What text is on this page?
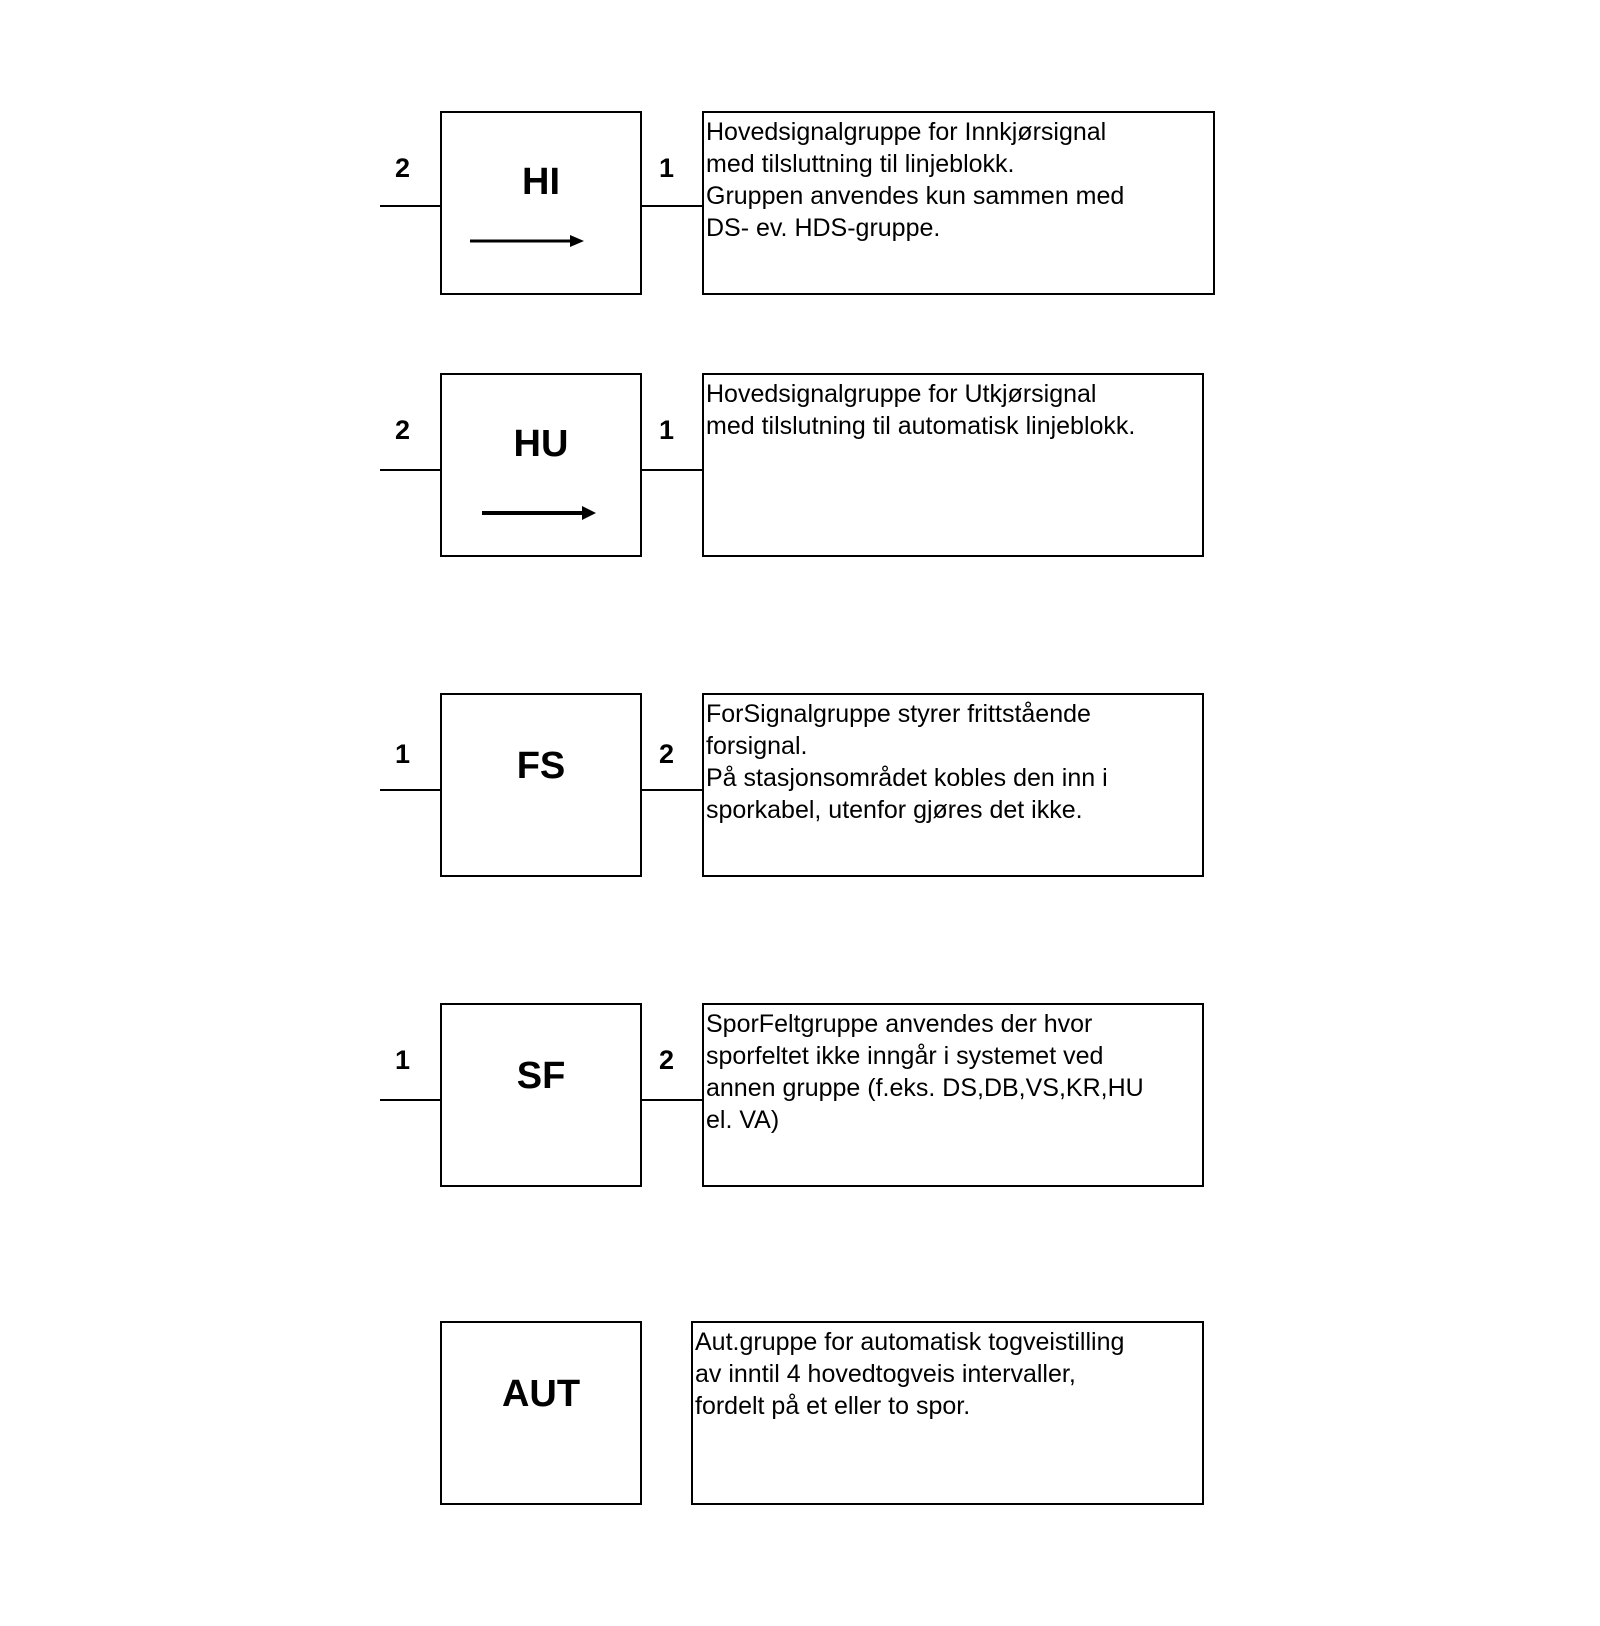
2	HI	1
Hovedsignalgruppe for Innkjørsignal
med tilsluttning til linjeblokk.
Gruppen anvendes kun sammen med
DS- ev. HDS-gruppe.
2	HU	1
Hovedsignalgruppe for Utkjørsignal
med tilslutning til automatisk linjeblokk.
1	FS	2
ForSignalgruppe styrer frittstående
forsignal.
På stasjonsområdet kobles den inn i
sporkabel, utenfor gjøres det ikke.
1	SF	2
SporFeltgruppe anvendes der hvor
sporfeltet ikke inngår i systemet ved
annen gruppe (f.eks. DS,DB,VS,KR,HU
el. VA)
AUT
Aut.gruppe for automatisk togveistilling
av inntil 4 hovedtogveis intervaller,
fordelt på et eller to spor.
